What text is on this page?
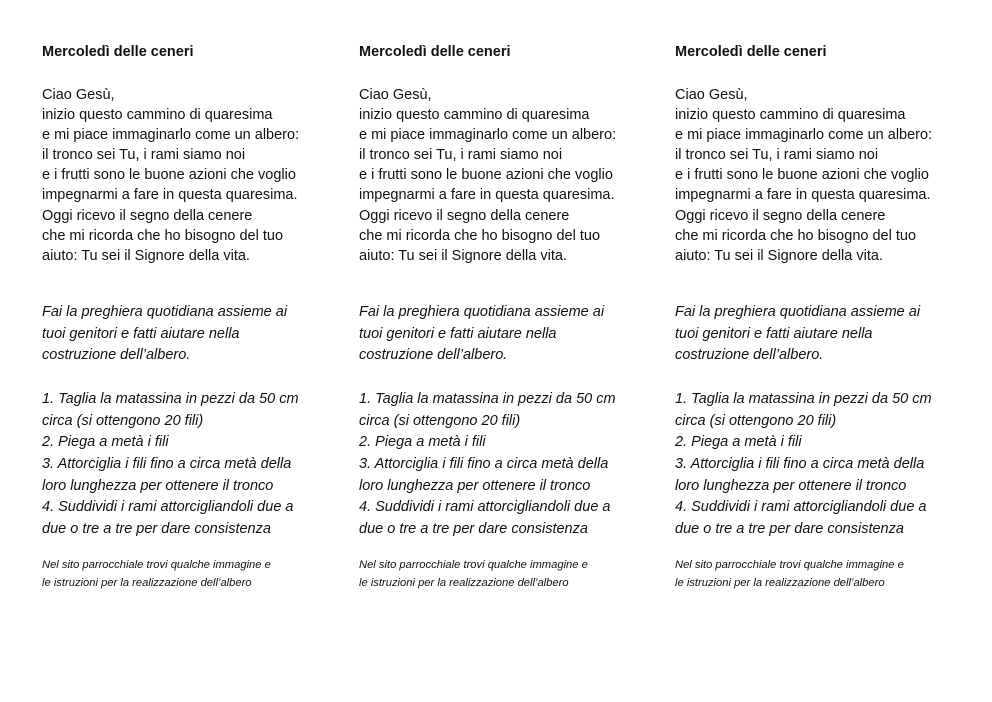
Mercoledì delle ceneri
Ciao Gesù,
inizio questo cammino di quaresima
e mi piace immaginarlo come un albero:
il tronco sei Tu, i rami siamo noi
e i frutti sono le buone azioni che voglio
impegnarmi a fare in questa quaresima.
Oggi ricevo il segno della cenere
che mi ricorda che ho bisogno del tuo
aiuto: Tu sei il Signore della vita.
Fai la preghiera quotidiana assieme ai
tuoi genitori e fatti aiutare nella
costruzione dell’albero.
1. Taglia la matassina in pezzi da 50 cm
circa (si ottengono 20 fili)
2. Piega a metà i fili
3. Attorciglia i fili fino a circa metà della
loro lunghezza per ottenere il tronco
4. Suddividi i rami attorcigliandoli due a
due o tre a tre per dare consistenza
Nel sito parrocchiale trovi qualche immagine e
le istruzioni per la realizzazione dell’albero
Mercoledì delle ceneri
Ciao Gesù,
inizio questo cammino di quaresima
e mi piace immaginarlo come un albero:
il tronco sei Tu, i rami siamo noi
e i frutti sono le buone azioni che voglio
impegnarmi a fare in questa quaresima.
Oggi ricevo il segno della cenere
che mi ricorda che ho bisogno del tuo
aiuto: Tu sei il Signore della vita.
Fai la preghiera quotidiana assieme ai
tuoi genitori e fatti aiutare nella
costruzione dell’albero.
1. Taglia la matassina in pezzi da 50 cm
circa (si ottengono 20 fili)
2. Piega a metà i fili
3. Attorciglia i fili fino a circa metà della
loro lunghezza per ottenere il tronco
4. Suddividi i rami attorcigliandoli due a
due o tre a tre per dare consistenza
Nel sito parrocchiale trovi qualche immagine e
le istruzioni per la realizzazione dell’albero
Mercoledì delle ceneri
Ciao Gesù,
inizio questo cammino di quaresima
e mi piace immaginarlo come un albero:
il tronco sei Tu, i rami siamo noi
e i frutti sono le buone azioni che voglio
impegnarmi a fare in questa quaresima.
Oggi ricevo il segno della cenere
che mi ricorda che ho bisogno del tuo
aiuto: Tu sei il Signore della vita.
Fai la preghiera quotidiana assieme ai
tuoi genitori e fatti aiutare nella
costruzione dell’albero.
1. Taglia la matassina in pezzi da 50 cm
circa (si ottengono 20 fili)
2. Piega a metà i fili
3. Attorciglia i fili fino a circa metà della
loro lunghezza per ottenere il tronco
4. Suddividi i rami attorcigliandoli due a
due o tre a tre per dare consistenza
Nel sito parrocchiale trovi qualche immagine e
le istruzioni per la realizzazione dell’albero
